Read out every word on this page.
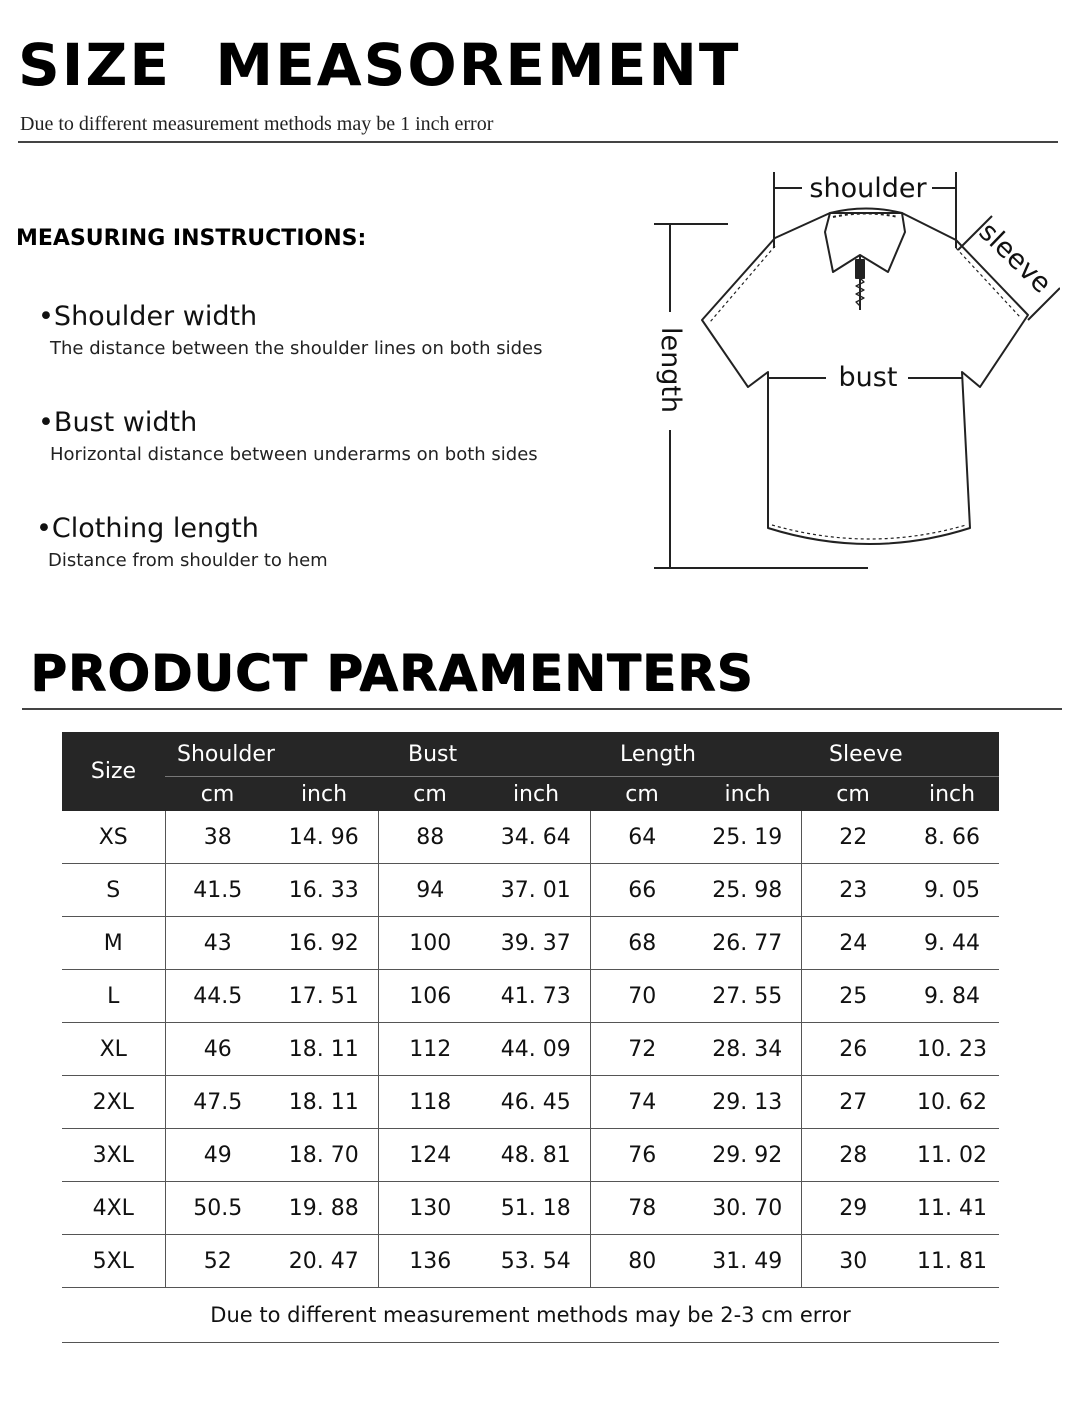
SIZE  MEASOREMENT
Due to different measurement methods may be 1 inch error
MEASURING INSTRUCTIONS:
•Shoulder width
The distance between the shoulder lines on both sides
•Bust width
Horizontal distance between underarms on both sides
•Clothing length
Distance from shoulder to hem
shoulder
bust
length
sleeve
PRODUCT PARAMENTERS
Size	Shoulder		Bust		Length		Sleeve	
	cm	inch	cm	inch	cm	inch	cm	inch
XS	38	14. 96	88	34. 64	64	25. 19	22	8. 66
S	41.5	16. 33	94	37. 01	66	25. 98	23	9. 05
M	43	16. 92	100	39. 37	68	26. 77	24	9. 44
L	44.5	17. 51	106	41. 73	70	27. 55	25	9. 84
XL	46	18. 11	112	44. 09	72	28. 34	26	10. 23
2XL	47.5	18. 11	118	46. 45	74	29. 13	27	10. 62
3XL	49	18. 70	124	48. 81	76	29. 92	28	11. 02
4XL	50.5	19. 88	130	51. 18	78	30. 70	29	11. 41
5XL	52	20. 47	136	53. 54	80	31. 49	30	11. 81
Due to different measurement methods may be 2-3 cm error								
